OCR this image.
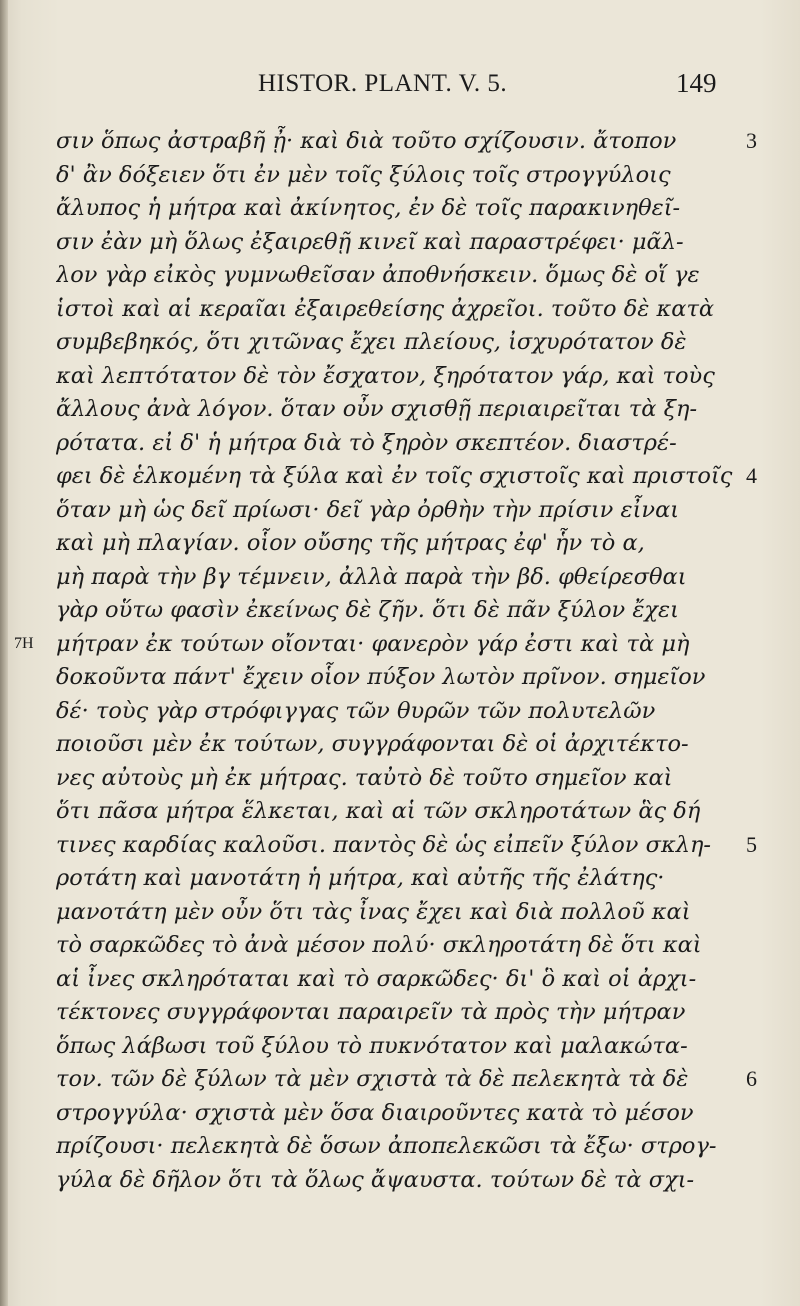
HISTOR. PLANT. V. 5.	149
σιν ὅπως ἀστραβῆ ᾖ· καὶ διὰ τοῦτο σχίζουσιν. ἄτοπον
δ' ἂν δόξειεν ὅτι ἐν μὲν τοῖς ξύλοις τοῖς στρογγύλοις
ἄλυπος ἡ μήτρα καὶ ἀκίνητος, ἐν δὲ τοῖς παρακινηθεῖ-
σιν ἐὰν μὴ ὅλως ἐξαιρεθῇ κινεῖ καὶ παραστρέφει· μᾶλ-
λον γὰρ εἰκὸς γυμνωθεῖσαν ἀποθνήσκειν. ὅμως δὲ οἵ γε
ἱστοὶ καὶ αἱ κεραῖαι ἐξαιρεθείσης ἀχρεῖοι. τοῦτο δὲ κατὰ
συμβεβηκός, ὅτι χιτῶνας ἔχει πλείους, ἰσχυρότατον δὲ
καὶ λεπτότατον δὲ τὸν ἔσχατον, ξηρότατον γάρ, καὶ τοὺς
ἄλλους ἀνὰ λόγον. ὅταν οὖν σχισθῇ περιαιρεῖται τὰ ξη-
ρότατα. εἰ δ' ἡ μήτρα διὰ τὸ ξηρὸν σκεπτέον. διαστρέ-
φει δὲ ἑλκομένη τὰ ξύλα καὶ ἐν τοῖς σχιστοῖς καὶ πριστοῖς
ὅταν μὴ ὡς δεῖ πρίωσι· δεῖ γὰρ ὀρθὴν τὴν πρίσιν εἶναι
καὶ μὴ πλαγίαν. οἷον οὔσης τῆς μήτρας ἐφ' ἧν τὸ α,
μὴ παρὰ τὴν βγ τέμνειν, ἀλλὰ παρὰ τὴν βδ. φθείρεσθαι
γὰρ οὕτω φασὶν ἐκείνως δὲ ζῆν. ὅτι δὲ πᾶν ξύλον ἔχει
μήτραν ἐκ τούτων οἴονται· φανερὸν γάρ ἐστι καὶ τὰ μὴ
δοκοῦντα πάντ' ἔχειν οἷον πύξον λωτὸν πρῖνον. σημεῖον
δέ· τοὺς γὰρ στρόφιγγας τῶν θυρῶν τῶν πολυτελῶν
ποιοῦσι μὲν ἐκ τούτων, συγγράφονται δὲ οἱ ἀρχιτέκτο-
νες αὐτοὺς μὴ ἐκ μήτρας. ταὐτὸ δὲ τοῦτο σημεῖον καὶ
ὅτι πᾶσα μήτρα ἕλκεται, καὶ αἱ τῶν σκληροτάτων ἃς δή
τινες καρδίας καλοῦσι. παντὸς δὲ ὡς εἰπεῖν ξύλον σκλη-
ροτάτη καὶ μανοτάτη ἡ μήτρα, καὶ αὐτῆς τῆς ἐλάτης·
μανοτάτη μὲν οὖν ὅτι τὰς ἶνας ἔχει καὶ διὰ πολλοῦ καὶ
τὸ σαρκῶδες τὸ ἀνὰ μέσον πολύ· σκληροτάτη δὲ ὅτι καὶ
αἱ ἶνες σκληρόταται καὶ τὸ σαρκῶδες· δι' ὃ καὶ οἱ ἀρχι-
τέκτονες συγγράφονται παραιρεῖν τὰ πρὸς τὴν μήτραν
ὅπως λάβωσι τοῦ ξύλου τὸ πυκνότατον καὶ μαλακώτα-
τον. τῶν δὲ ξύλων τὰ μὲν σχιστὰ τὰ δὲ πελεκητὰ τὰ δὲ
στρογγύλα· σχιστὰ μὲν ὅσα διαιροῦντες κατὰ τὸ μέσον
πρίζουσι· πελεκητὰ δὲ ὅσων ἀποπελεκῶσι τὰ ἔξω· στρογ-
γύλα δὲ δῆλον ὅτι τὰ ὅλως ἄψαυστα. τούτων δὲ τὰ σχι-
3
4
5
6
7H
